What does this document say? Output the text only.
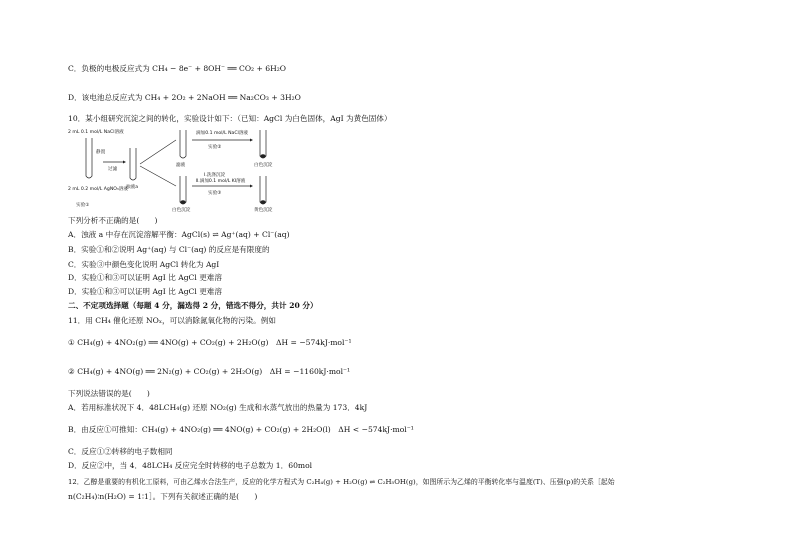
C．负极的电极反应式为 CH₄ − 8e⁻ + 8OH⁻ ══ CO₂ + 6H₂O
D．该电池总反应式为 CH₄ + 2O₂ + 2NaOH ══ Na₂CO₃ + 3H₂O
10．某小组研究沉淀之间的转化，实验设计如下：（已知：AgCl 为白色固体，AgI 为黄色固体）
2 mL 0.1 mol/L NaCl溶液
2 mL 0.2 mol/L AgNO₃溶液
实验①
静置
过滤
浊液a
滤液
滴加0.1 mol/L NaCl溶液
实验②
白色沉淀
白色沉淀
Ⅰ.洗涤沉淀
Ⅱ.滴加0.1 mol/L KI溶液
实验③
黄色沉淀
下列分析不正确的是(　　)
A．浊液 a 中存在沉淀溶解平衡：AgCl(s) ⇌ Ag⁺(aq) + Cl⁻(aq)
B．实验①和②说明 Ag⁺(aq) 与 Cl⁻(aq) 的反应是有限度的
C．实验③中颜色变化说明 AgCl 转化为 AgI
D．实验①和③可以证明 AgI 比 AgCl 更难溶
D．实验①和③可以证明 AgI 比 AgCl 更难溶
二、不定项选择题（每题 4 分，漏选得 2 分，错选不得分，共计 20 分）
11．用 CH₄ 催化还原 NOₓ，可以消除氮氧化物的污染。例如
① CH₄(g) + 4NO₂(g) ══ 4NO(g) + CO₂(g) + 2H₂O(g)　ΔH = −574kJ·mol⁻¹
② CH₄(g) + 4NO(g) ══ 2N₂(g) + CO₂(g) + 2H₂O(g)　ΔH = −1160kJ·mol⁻¹
下列说法错误的是(　　)
A．若用标准状况下 4．48LCH₄(g) 还原 NO₂(g) 生成和水蒸气放出的热量为 173．4kJ
B．由反应①可推知：CH₄(g) + 4NO₂(g) ══ 4NO(g) + CO₂(g) + 2H₂O(l)　ΔH < −574kJ·mol⁻¹
C．反应①②转移的电子数相同
D．反应②中，当 4．48LCH₄ 反应完全时转移的电子总数为 1．60mol
12．乙醇是重要的有机化工原料，可由乙烯水合法生产，反应的化学方程式为 C₂H₄(g) + H₂O(g) ⇌ C₂H₅OH(g)，如图所示为乙烯的平衡转化率与温度(T)、压强(p)的关系［起始
n(C₂H₄)∶n(H₂O) = 1∶1］。下列有关叙述正确的是(　　)
